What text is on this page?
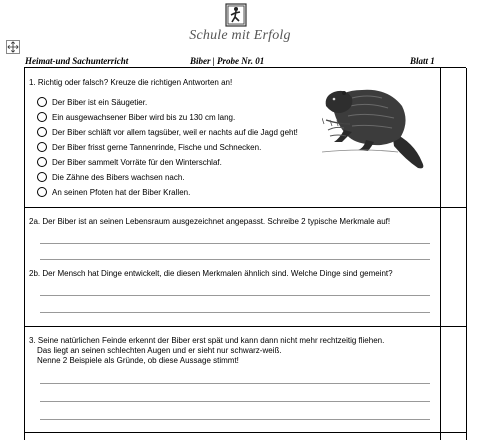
Schule mit Erfolg
Heimat-und Sachunterricht	Biber | Probe Nr. 01	Blatt 1
1. Richtig oder falsch? Kreuze die richtigen Antworten an!
Der Biber ist ein Säugetier.
Ein ausgewachsener Biber wird bis zu 130 cm lang.
Der Biber schläft vor allem tagsüber, weil er nachts auf die Jagd geht!
Der Biber frisst gerne Tannenrinde, Fische und Schnecken.
Der Biber sammelt Vorräte für den Winterschlaf.
Die Zähne des Bibers wachsen nach.
An seinen Pfoten hat der Biber Krallen.
2a. Der Biber ist an seinen Lebensraum ausgezeichnet angepasst. Schreibe 2 typische Merkmale auf!
2b. Der Mensch hat Dinge entwickelt, die diesen Merkmalen ähnlich sind. Welche Dinge sind gemeint?
3. Seine natürlichen Feinde erkennt der Biber erst spät und kann dann nicht mehr rechtzeitig fliehen.
Das liegt an seinen schlechten Augen und er sieht nur schwarz-weiß.
Nenne 2 Beispiele als Gründe, ob diese Aussage stimmt!
